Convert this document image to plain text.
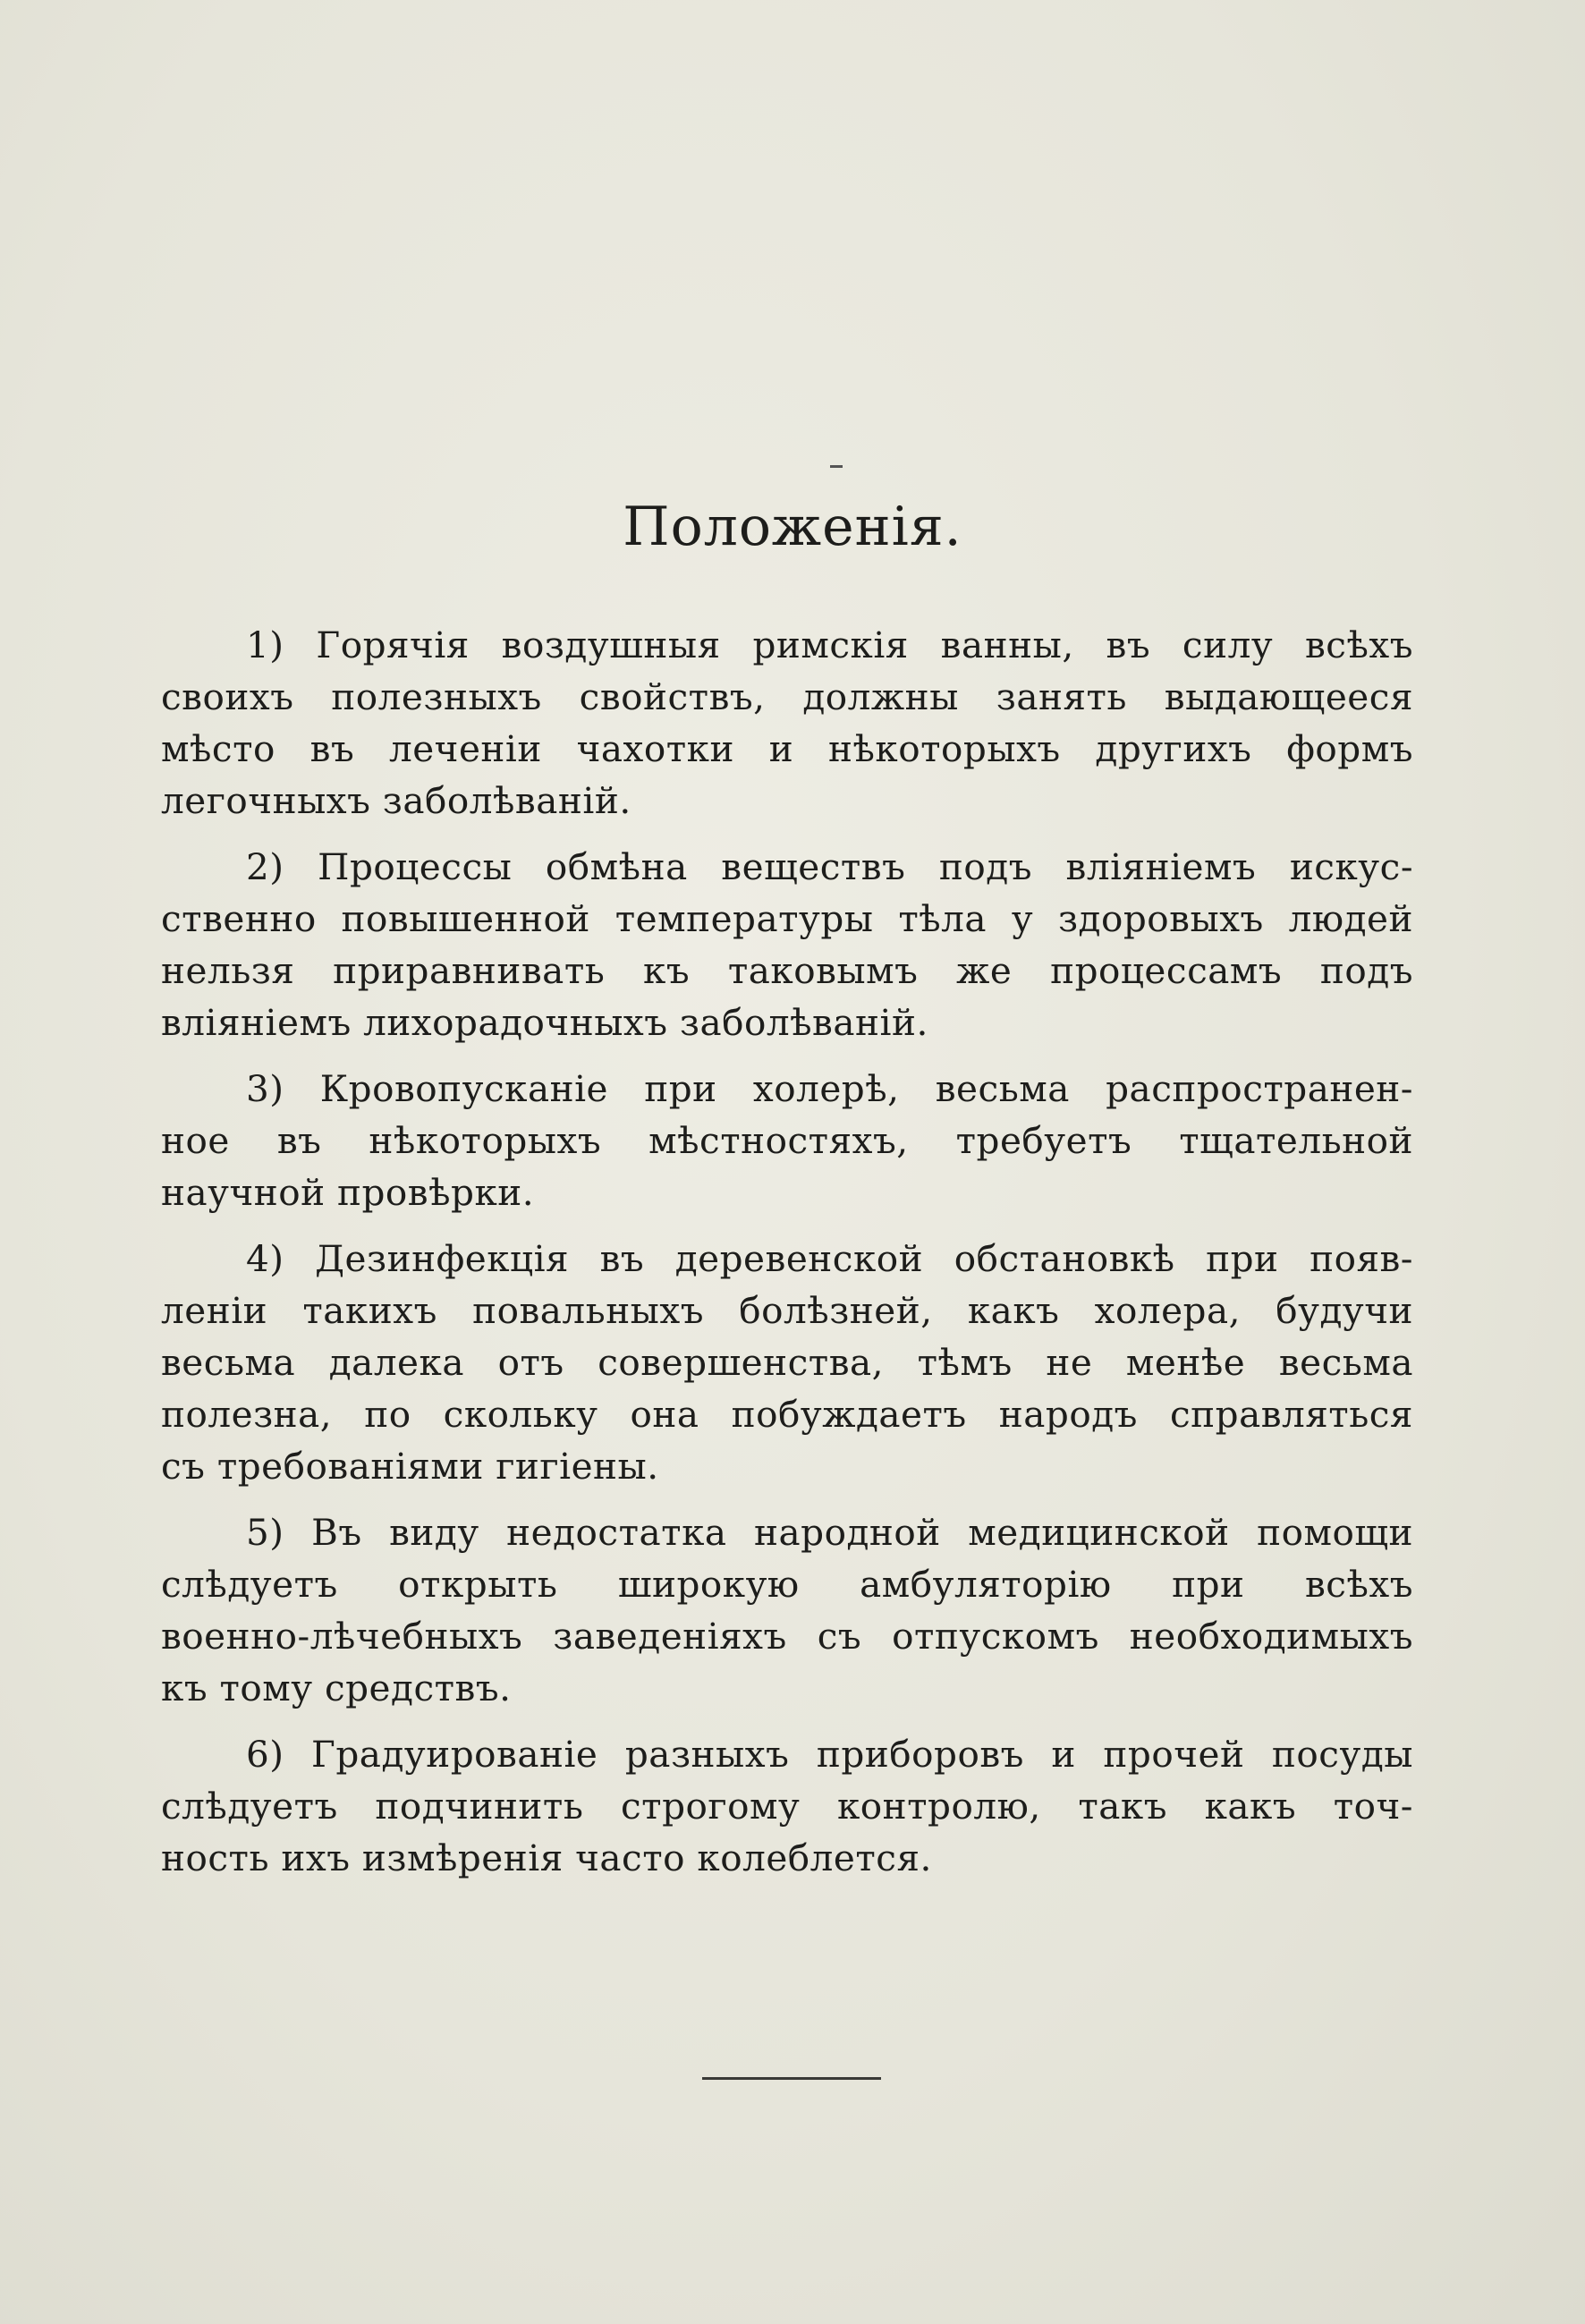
Положенія.
1) Горячія воздушныя римскія ванны, въ силу всѣхъ
своихъ полезныхъ свойствъ, должны занять выдающееся
мѣсто въ леченіи чахотки и нѣкоторыхъ другихъ формъ
легочныхъ заболѣваній.
2) Процессы обмѣна веществъ подъ вліяніемъ искус-
ственно повышенной температуры тѣла у здоровыхъ людей
нельзя приравнивать къ таковымъ же процессамъ подъ
вліяніемъ лихорадочныхъ заболѣваній.
3) Кровопусканіе при холерѣ, весьма распространен-
ное въ нѣкоторыхъ мѣстностяхъ, требуетъ тщательной
научной провѣрки.
4) Дезинфекція въ деревенской обстановкѣ при появ-
леніи такихъ повальныхъ болѣзней, какъ холера, будучи
весьма далека отъ совершенства, тѣмъ не менѣе весьма
полезна, по скольку она побуждаетъ народъ справляться
съ требованіями гигіены.
5) Въ виду недостатка народной медицинской помощи
слѣдуетъ открыть широкую амбуляторію при всѣхъ
военно-лѣчебныхъ заведеніяхъ съ отпускомъ необходимыхъ
къ тому средствъ.
6) Градуированіе разныхъ приборовъ и прочей посуды
слѣдуетъ подчинить строгому контролю, такъ какъ точ-
ность ихъ измѣренія часто колеблется.
